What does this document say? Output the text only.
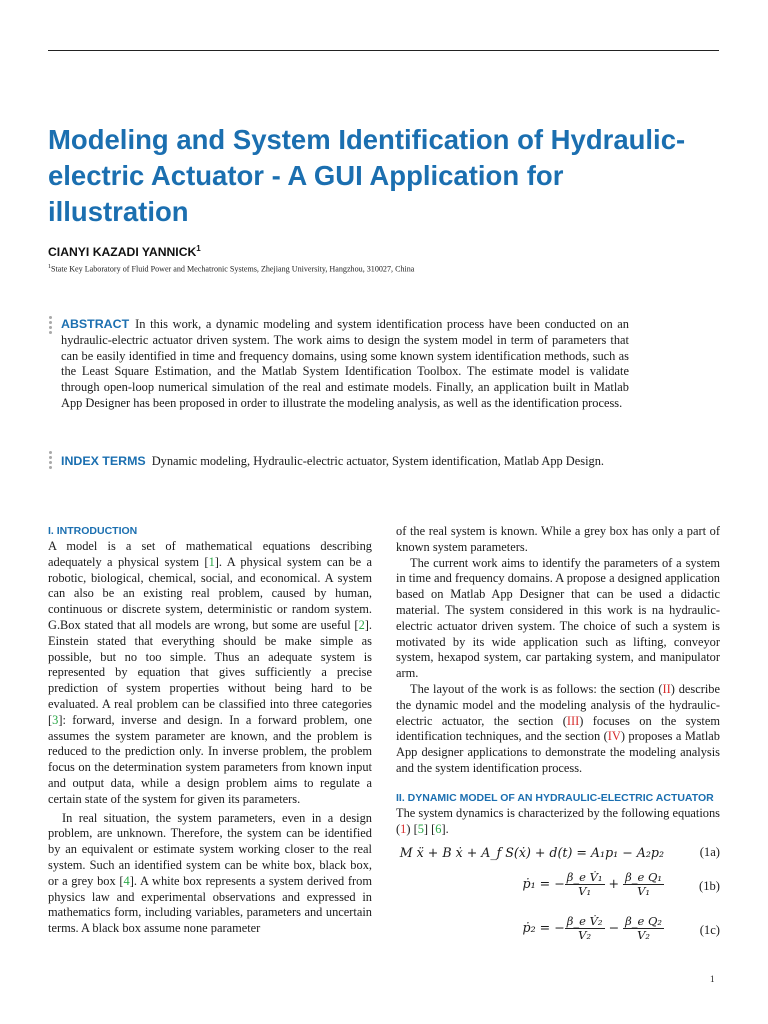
Modeling and System Identification of Hydraulic-electric Actuator - A GUI Application for illustration
CIANYI KAZADI YANNICK$^1$
$^1$State Key Laboratory of Fluid Power and Mechatronic Systems, Zhejiang University, Hangzhou, 310027, China
ABSTRACT In this work, a dynamic modeling and system identification process have been conducted on an hydraulic-electric actuator driven system. The work aims to design the system model in term of parameters that can be easily identified in time and frequency domains, using some known system identification methods, such as the Least Square Estimation, and the Matlab System Identification Toolbox. The estimate model is validate through open-loop numerical simulation of the real and estimate models. Finally, an application built in Matlab App Designer has been proposed in order to illustrate the modeling analysis, as well as the identification process.
INDEX TERMS Dynamic modeling, Hydraulic-electric actuator, System identification, Matlab App Design.
I. INTRODUCTION

A model is a set of mathematical equations describing adequately a physical system [1]. A physical system can be a robotic, biological, chemical, social, and economical. A system can also be an existing real problem, caused by human, continuous or discrete system, deterministic or random system. G.Box stated that all models are wrong, but some are useful [2]. Einstein stated that everything should be make simple as possible, but no too simple. Thus an adequate system is represented by equation that gives sufficiently a precise prediction of system properties without being hard to be evaluated. A real problem can be classified into three categories [3]: forward, inverse and design. In a forward problem, one assumes the system parameter are known, and the problem is reduced to the prediction only. In inverse problem, the problem focus on the determination system parameters from known input and output data, while a design problem aims to regulate a certain state of the system for given its parameters.

In real situation, the system parameters, even in a design problem, are unknown. Therefore, the system can be identified by an equivalent or estimate system working closer to the real system. Such an identified system can be white box, black box, or a grey box [4]. A white box represents a system derived from physics law and experimental observations and expressed in mathematics form, including variables, parameters and uncertain terms. A black box assume none parameter

of the real system is known. While a grey box has only a part of known system parameters.

The current work aims to identify the parameters of a system in time and frequency domains. A propose a designed application based on Matlab App Designer that can be used a didactic material. The system considered in this work is na hydraulic-electric actuator driven system. The choice of such a system is motivated by its wide application such as lifting, conveyor system, hexapod system, car partaking system, and manipulator arm.

The layout of the work is as follows: the section (II) describe the dynamic model and the modeling analysis of the hydraulic-electric actuator, the section (III) focuses on the system identification techniques, and the section (IV) proposes a Matlab App designer applications to demonstrate the modeling analysis and the system identification process.

II. DYNAMIC MODEL OF AN HYDRAULIC-ELECTRIC ACTUATOR

The system dynamics is characterized by the following equations (1) [5] [6].

M ẍ + B ẋ + A_f S(ẋ) + d(t) = A₁p₁ − A₂p₂	(1a)
ṗ₁ = − $\frac{\text{β\_e V̇₁}}{\text{V₁}} + \frac{\text{β\_e Q₁}}{\text{V₁}}$	(1b)
ṗ₂ = − $\frac{\text{β\_e V̇₂}}{\text{V₂}} - \frac{\text{β\_e Q₂}}{\text{V₂}}$	(1c)
1
